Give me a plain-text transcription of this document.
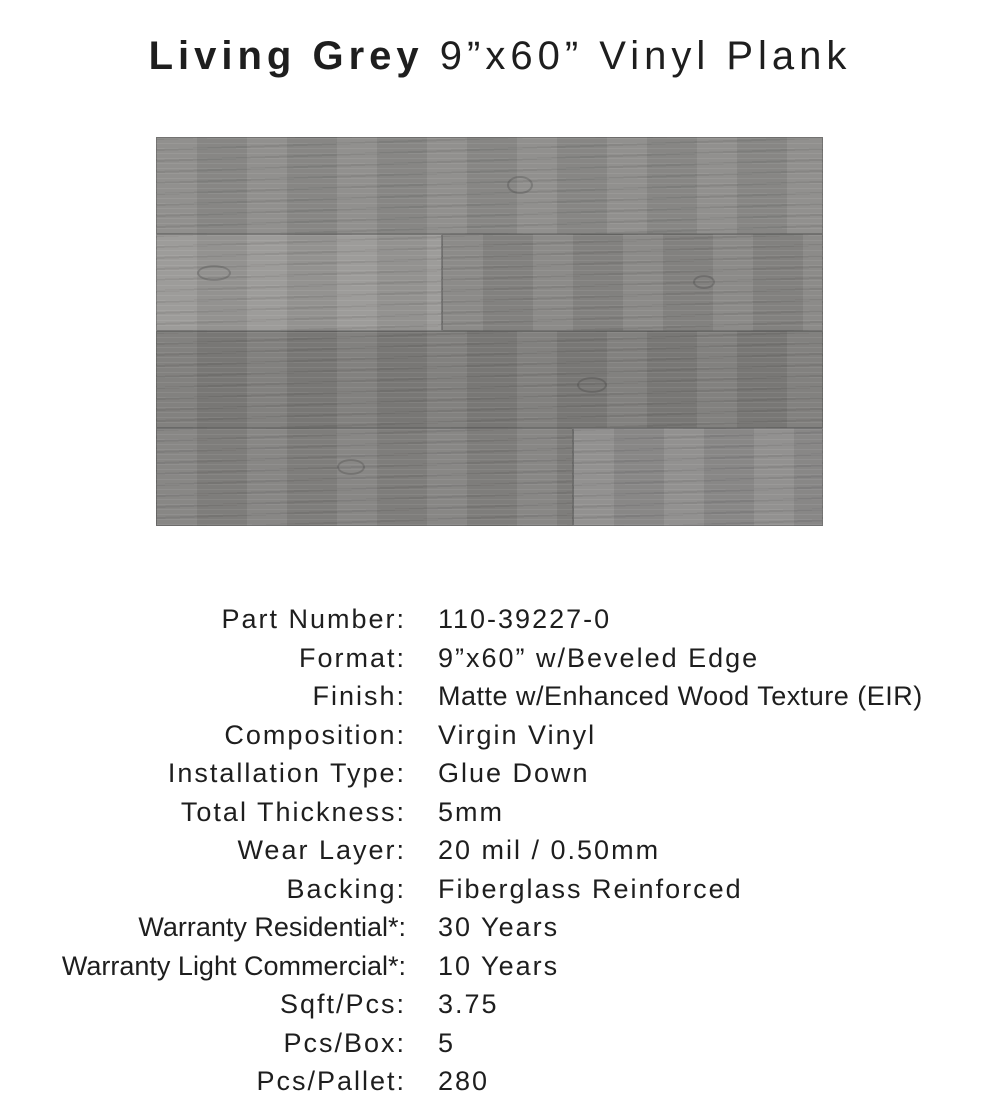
Living Grey 9”x60” Vinyl Plank
Part Number: 110-39227-0
Format: 9”x60” w/Beveled Edge
Finish: Matte w/Enhanced Wood Texture (EIR)
Composition: Virgin Vinyl
Installation Type: Glue Down
Total Thickness: 5mm
Wear Layer: 20 mil / 0.50mm
Backing: Fiberglass Reinforced
Warranty Residential*: 30 Years
Warranty Light Commercial*: 10 Years
Sqft/Pcs: 3.75
Pcs/Box: 5
Pcs/Pallet: 280
